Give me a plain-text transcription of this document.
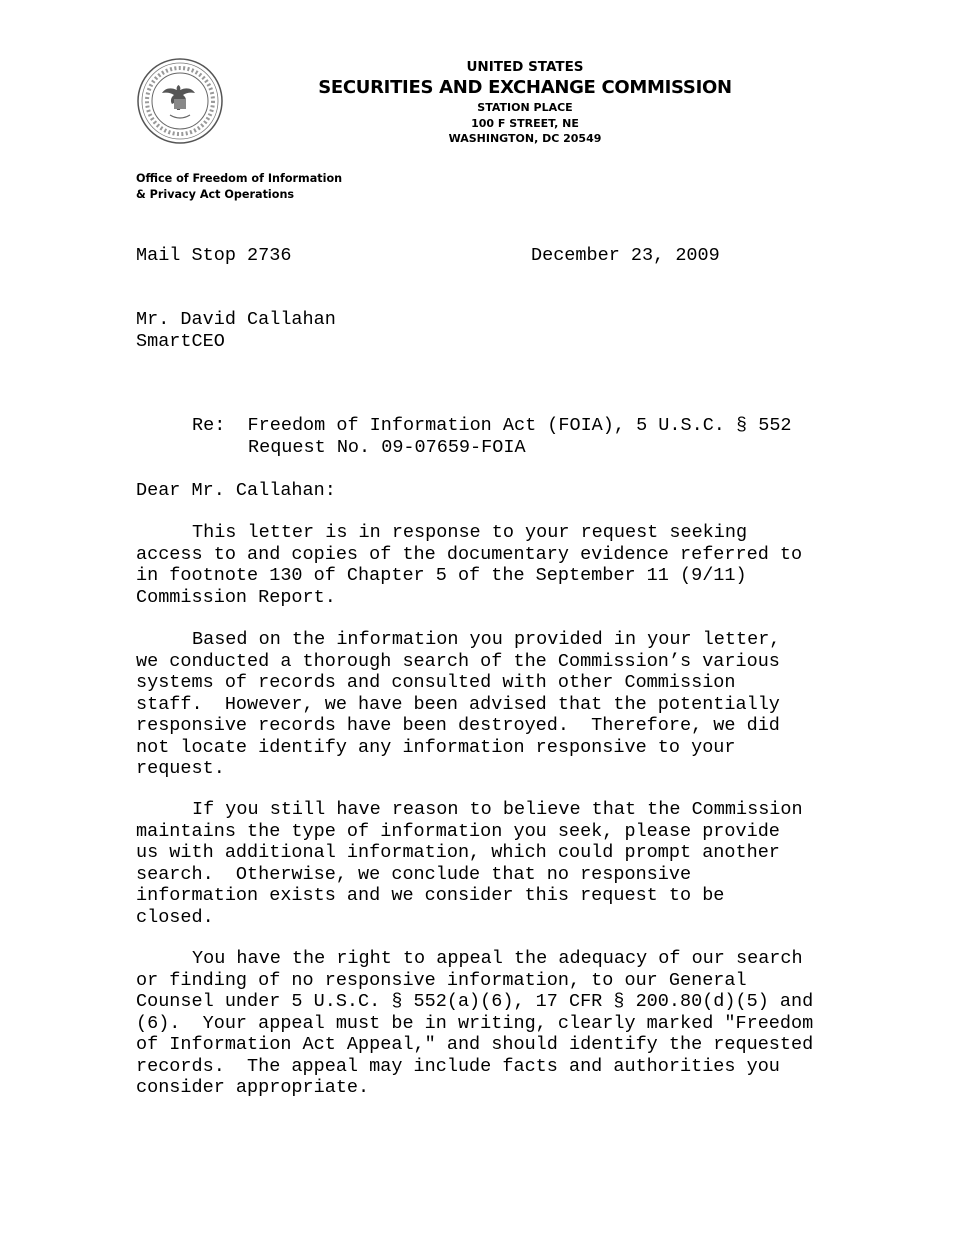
UNITED STATES
SECURITIES AND EXCHANGE COMMISSION
STATION PLACE
100 F STREET, NE
WASHINGTON, DC 20549
Office of Freedom of Information
& Privacy Act Operations
Mail Stop 2736	December 23, 2009
Mr. David Callahan
SmartCEO
Re: Freedom of Information Act (FOIA), 5 U.S.C. § 552
Request No. 09-07659-FOIA
Dear Mr. Callahan:
This letter is in response to your request seeking
access to and copies of the documentary evidence referred to
in footnote 130 of Chapter 5 of the September 11 (9/11)
Commission Report.
Based on the information you provided in your letter,
we conducted a thorough search of the Commission’s various
systems of records and consulted with other Commission
staff.  However, we have been advised that the potentially
responsive records have been destroyed.  Therefore, we did
not locate identify any information responsive to your
request.
If you still have reason to believe that the Commission
maintains the type of information you seek, please provide
us with additional information, which could prompt another
search.  Otherwise, we conclude that no responsive
information exists and we consider this request to be
closed.
You have the right to appeal the adequacy of our search
or finding of no responsive information, to our General
Counsel under 5 U.S.C. § 552(a)(6), 17 CFR § 200.80(d)(5) and
(6).  Your appeal must be in writing, clearly marked "Freedom
of Information Act Appeal," and should identify the requested
records.  The appeal may include facts and authorities you
consider appropriate.
